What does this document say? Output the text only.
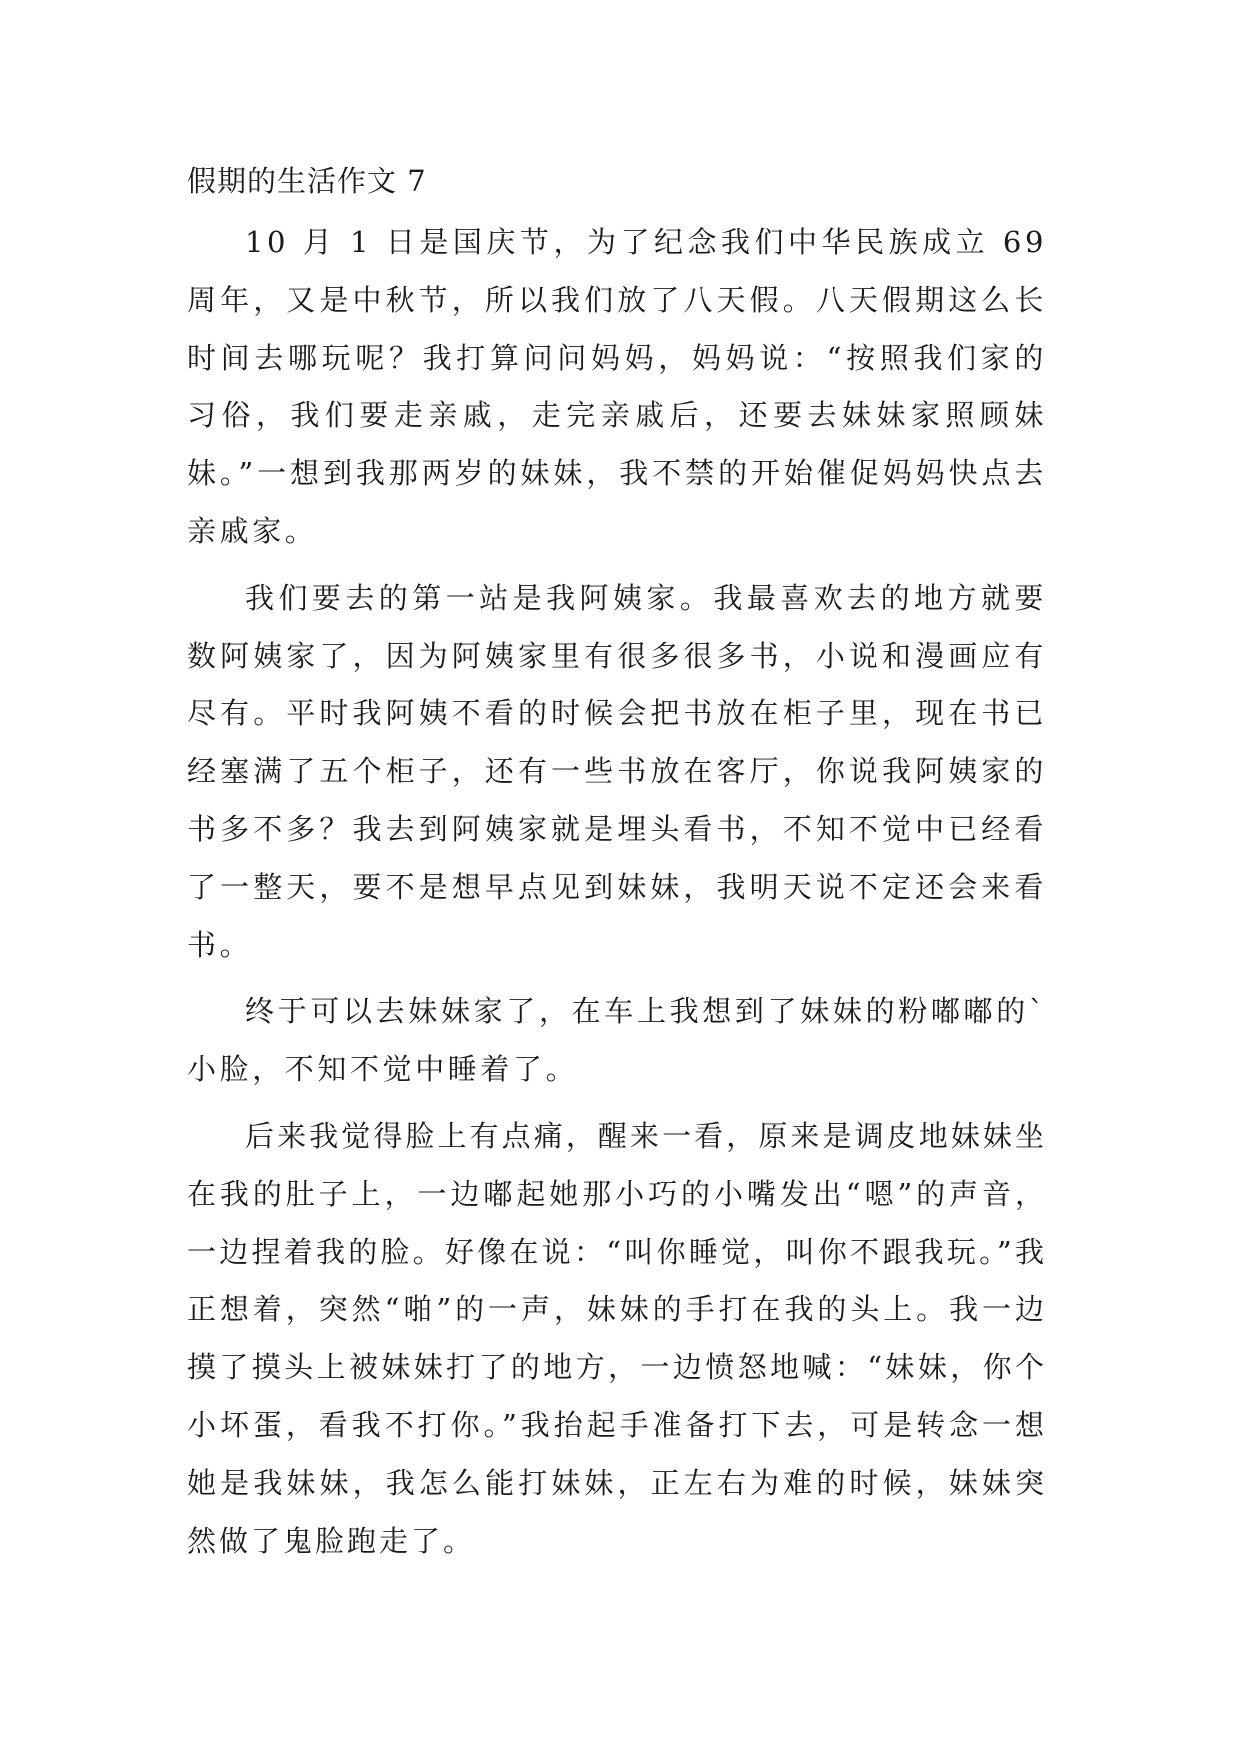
假期的生活作文 7

10 月 1 日是国庆节，为了纪念我们中华民族成立 69 周年，又是中秋节，所以我们放了八天假。八天假期这么长时间去哪玩呢？我打算问问妈妈，妈妈说：“按照我们家的习俗，我们要走亲戚，走完亲戚后，还要去妹妹家照顾妹妹。”一想到我那两岁的妹妹，我不禁的开始催促妈妈快点去亲戚家。

我们要去的第一站是我阿姨家。我最喜欢去的地方就要数阿姨家了，因为阿姨家里有很多很多书，小说和漫画应有尽有。平时我阿姨不看的时候会把书放在柜子里，现在书已经塞满了五个柜子，还有一些书放在客厅，你说我阿姨家的书多不多？我去到阿姨家就是埋头看书，不知不觉中已经看了一整天，要不是想早点见到妹妹，我明天说不定还会来看书。

终于可以去妹妹家了，在车上我想到了妹妹的粉嘟嘟的`小脸，不知不觉中睡着了。

后来我觉得脸上有点痛，醒来一看，原来是调皮地妹妹坐在我的肚子上，一边嘟起她那小巧的小嘴发出“嗯”的声音，一边捏着我的脸。好像在说：“叫你睡觉，叫你不跟我玩。”我正想着，突然“啪”的一声，妹妹的手打在我的头上。我一边摸了摸头上被妹妹打了的地方，一边愤怒地喊：“妹妹，你个小坏蛋，看我不打你。”我抬起手准备打下去，可是转念一想她是我妹妹，我怎么能打妹妹，正左右为难的时候，妹妹突然做了鬼脸跑走了。
